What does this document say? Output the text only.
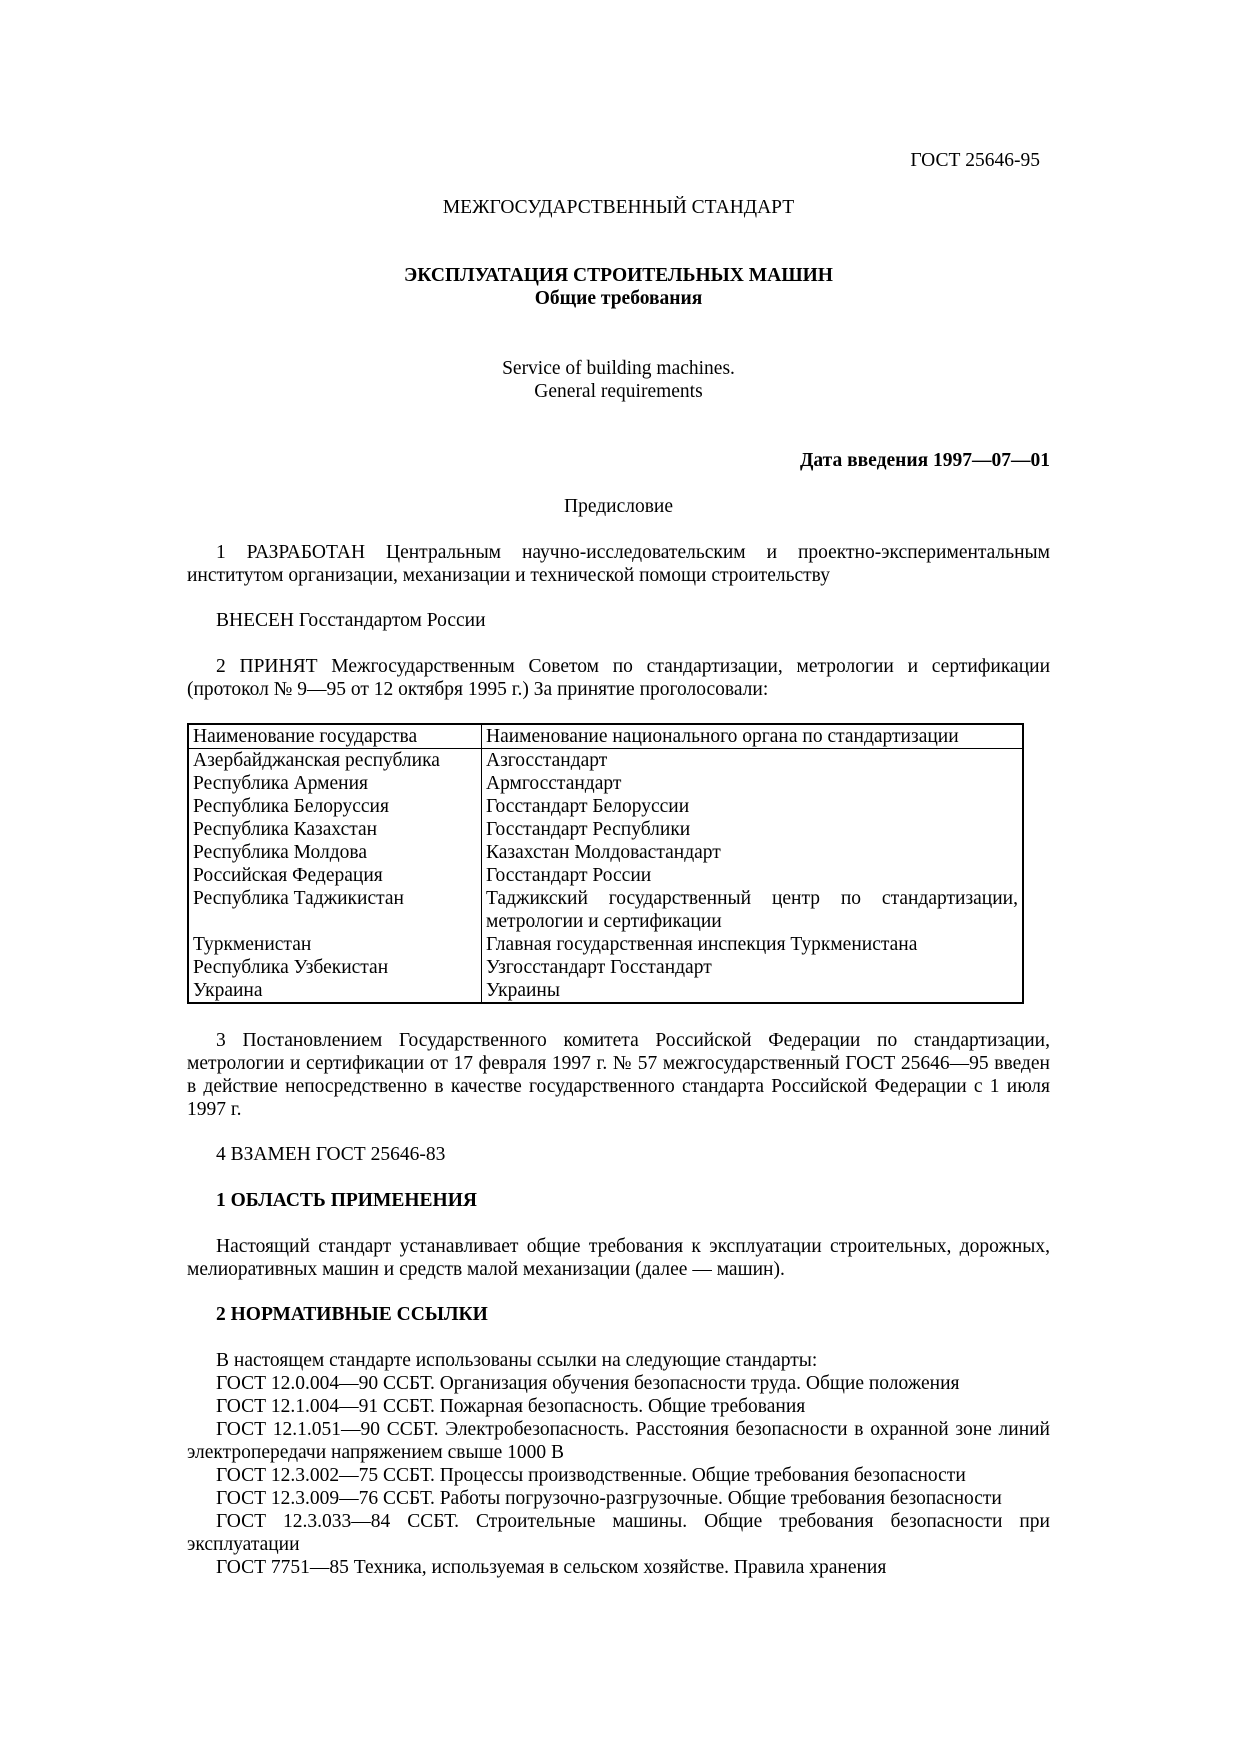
ГОСТ 25646-95
МЕЖГОСУДАРСТВЕННЫЙ СТАНДАРТ
ЭКСПЛУАТАЦИЯ СТРОИТЕЛЬНЫХ МАШИН
Общие требования
Service of building machines.
General requirements
Дата введения 1997—07—01
Предисловие
1 РАЗРАБОТАН Центральным научно-исследовательским и проектно-экспериментальным институтом организации, механизации и технической помощи строительству
ВНЕСЕН Госстандартом России
2 ПРИНЯТ Межгосударственным Советом по стандартизации, метрологии и сертификации (протокол № 9—95 от 12 октября 1995 г.) За принятие проголосовали:
Наименование государства	Наименование национального органа по стандартизации
Азербайджанская республика	Азгосстандарт
Республика Армения	Армгосстандарт
Республика Белоруссия	Госстандарт Белоруссии
Республика Казахстан	Госстандарт Республики
Республика Молдова	Казахстан Молдовастандарт
Российская Федерация	Госстандарт России
Республика Таджикистан	Таджикский государственный центр по стандартизации, метрологии и сертификации
Туркменистан	Главная государственная инспекция Туркменистана
Республика Узбекистан	Узгосстандарт Госстандарт
Украина	Украины
3 Постановлением Государственного комитета Российской Федерации по стандартизации, метрологии и сертификации от 17 февраля 1997 г. № 57 межгосударственный ГОСТ 25646—95 введен в действие непосредственно в качестве государственного стандарта Российской Федерации с 1 июля 1997 г.
4 ВЗАМЕН ГОСТ 25646-83
1 ОБЛАСТЬ ПРИМЕНЕНИЯ
Настоящий стандарт устанавливает общие требования к эксплуатации строительных, дорожных, мелиоративных машин и средств малой механизации (далее — машин).
2 НОРМАТИВНЫЕ ССЫЛКИ
В настоящем стандарте использованы ссылки на следующие стандарты:
ГОСТ 12.0.004—90 ССБТ. Организация обучения безопасности труда. Общие положения
ГОСТ 12.1.004—91 ССБТ. Пожарная безопасность. Общие требования
ГОСТ 12.1.051—90 ССБТ. Электробезопасность. Расстояния безопасности в охранной зоне линий электропередачи напряжением свыше 1000 В
ГОСТ 12.3.002—75 ССБТ. Процессы производственные. Общие требования безопасности
ГОСТ 12.3.009—76 ССБТ. Работы погрузочно-разгрузочные. Общие требования безопасности
ГОСТ 12.3.033—84 ССБТ. Строительные машины. Общие требования безопасности при эксплуатации
ГОСТ 7751—85 Техника, используемая в сельском хозяйстве. Правила хранения
